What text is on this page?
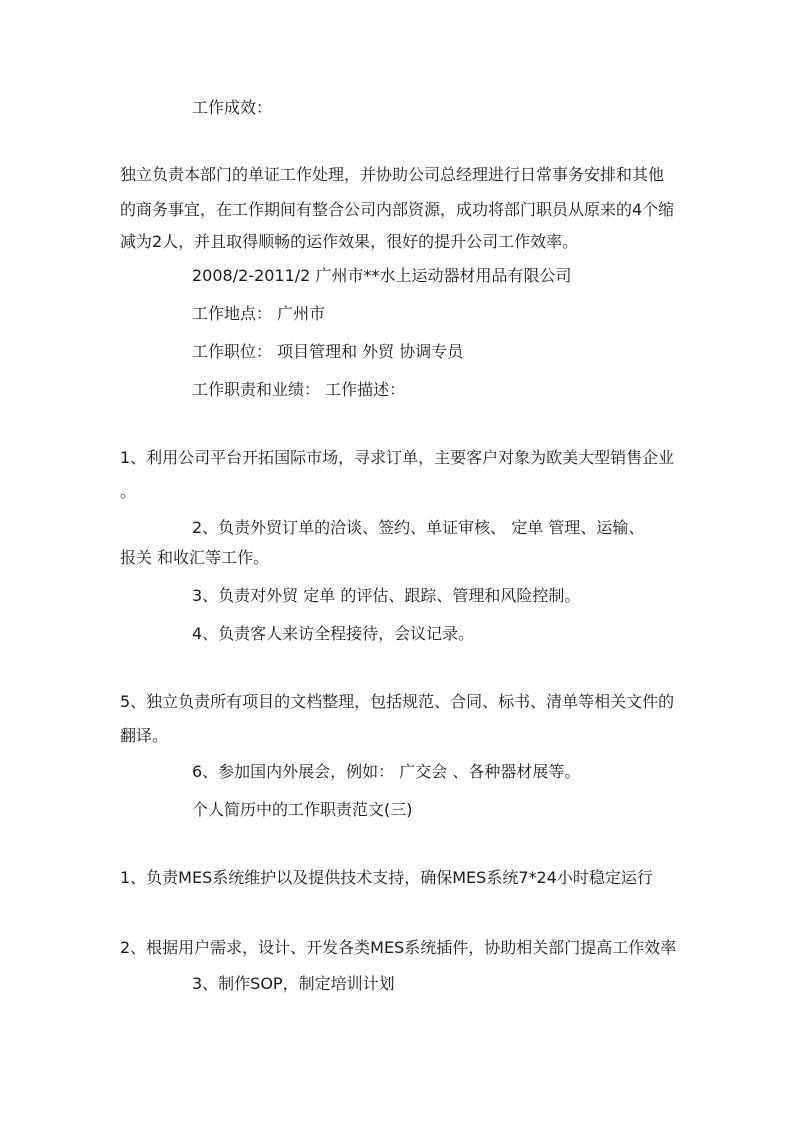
工作成效：
独立负责本部门的单证工作处理，并协助公司总经理进行日常事务安排和其他
的商务事宜，在工作期间有整合公司内部资源，成功将部门职员从原来的4个缩
减为2人，并且取得顺畅的运作效果，很好的提升公司工作效率。
2008/2-2011/2 广州市**水上运动器材用品有限公司
工作地点： 广州市
工作职位： 项目管理和 外贸 协调专员
工作职责和业绩： 工作描述：
1、利用公司平台开拓国际市场，寻求订单，主要客户对象为欧美大型销售企业
。
2、负责外贸订单的洽谈、签约、单证审核、 定单 管理、运输、
报关 和收汇等工作。
3、负责对外贸 定单 的评估、跟踪、管理和风险控制。
4、负责客人来访全程接待，会议记录。
5、独立负责所有项目的文档整理，包括规范、合同、标书、清单等相关文件的
翻译。
6、参加国内外展会，例如： 广交会 、各种器材展等。
个人简历中的工作职责范文(三)
1、负责MES系统维护以及提供技术支持，确保MES系统7*24小时稳定运行
2、根据用户需求，设计、开发各类MES系统插件，协助相关部门提高工作效率
3、制作SOP，制定培训计划
